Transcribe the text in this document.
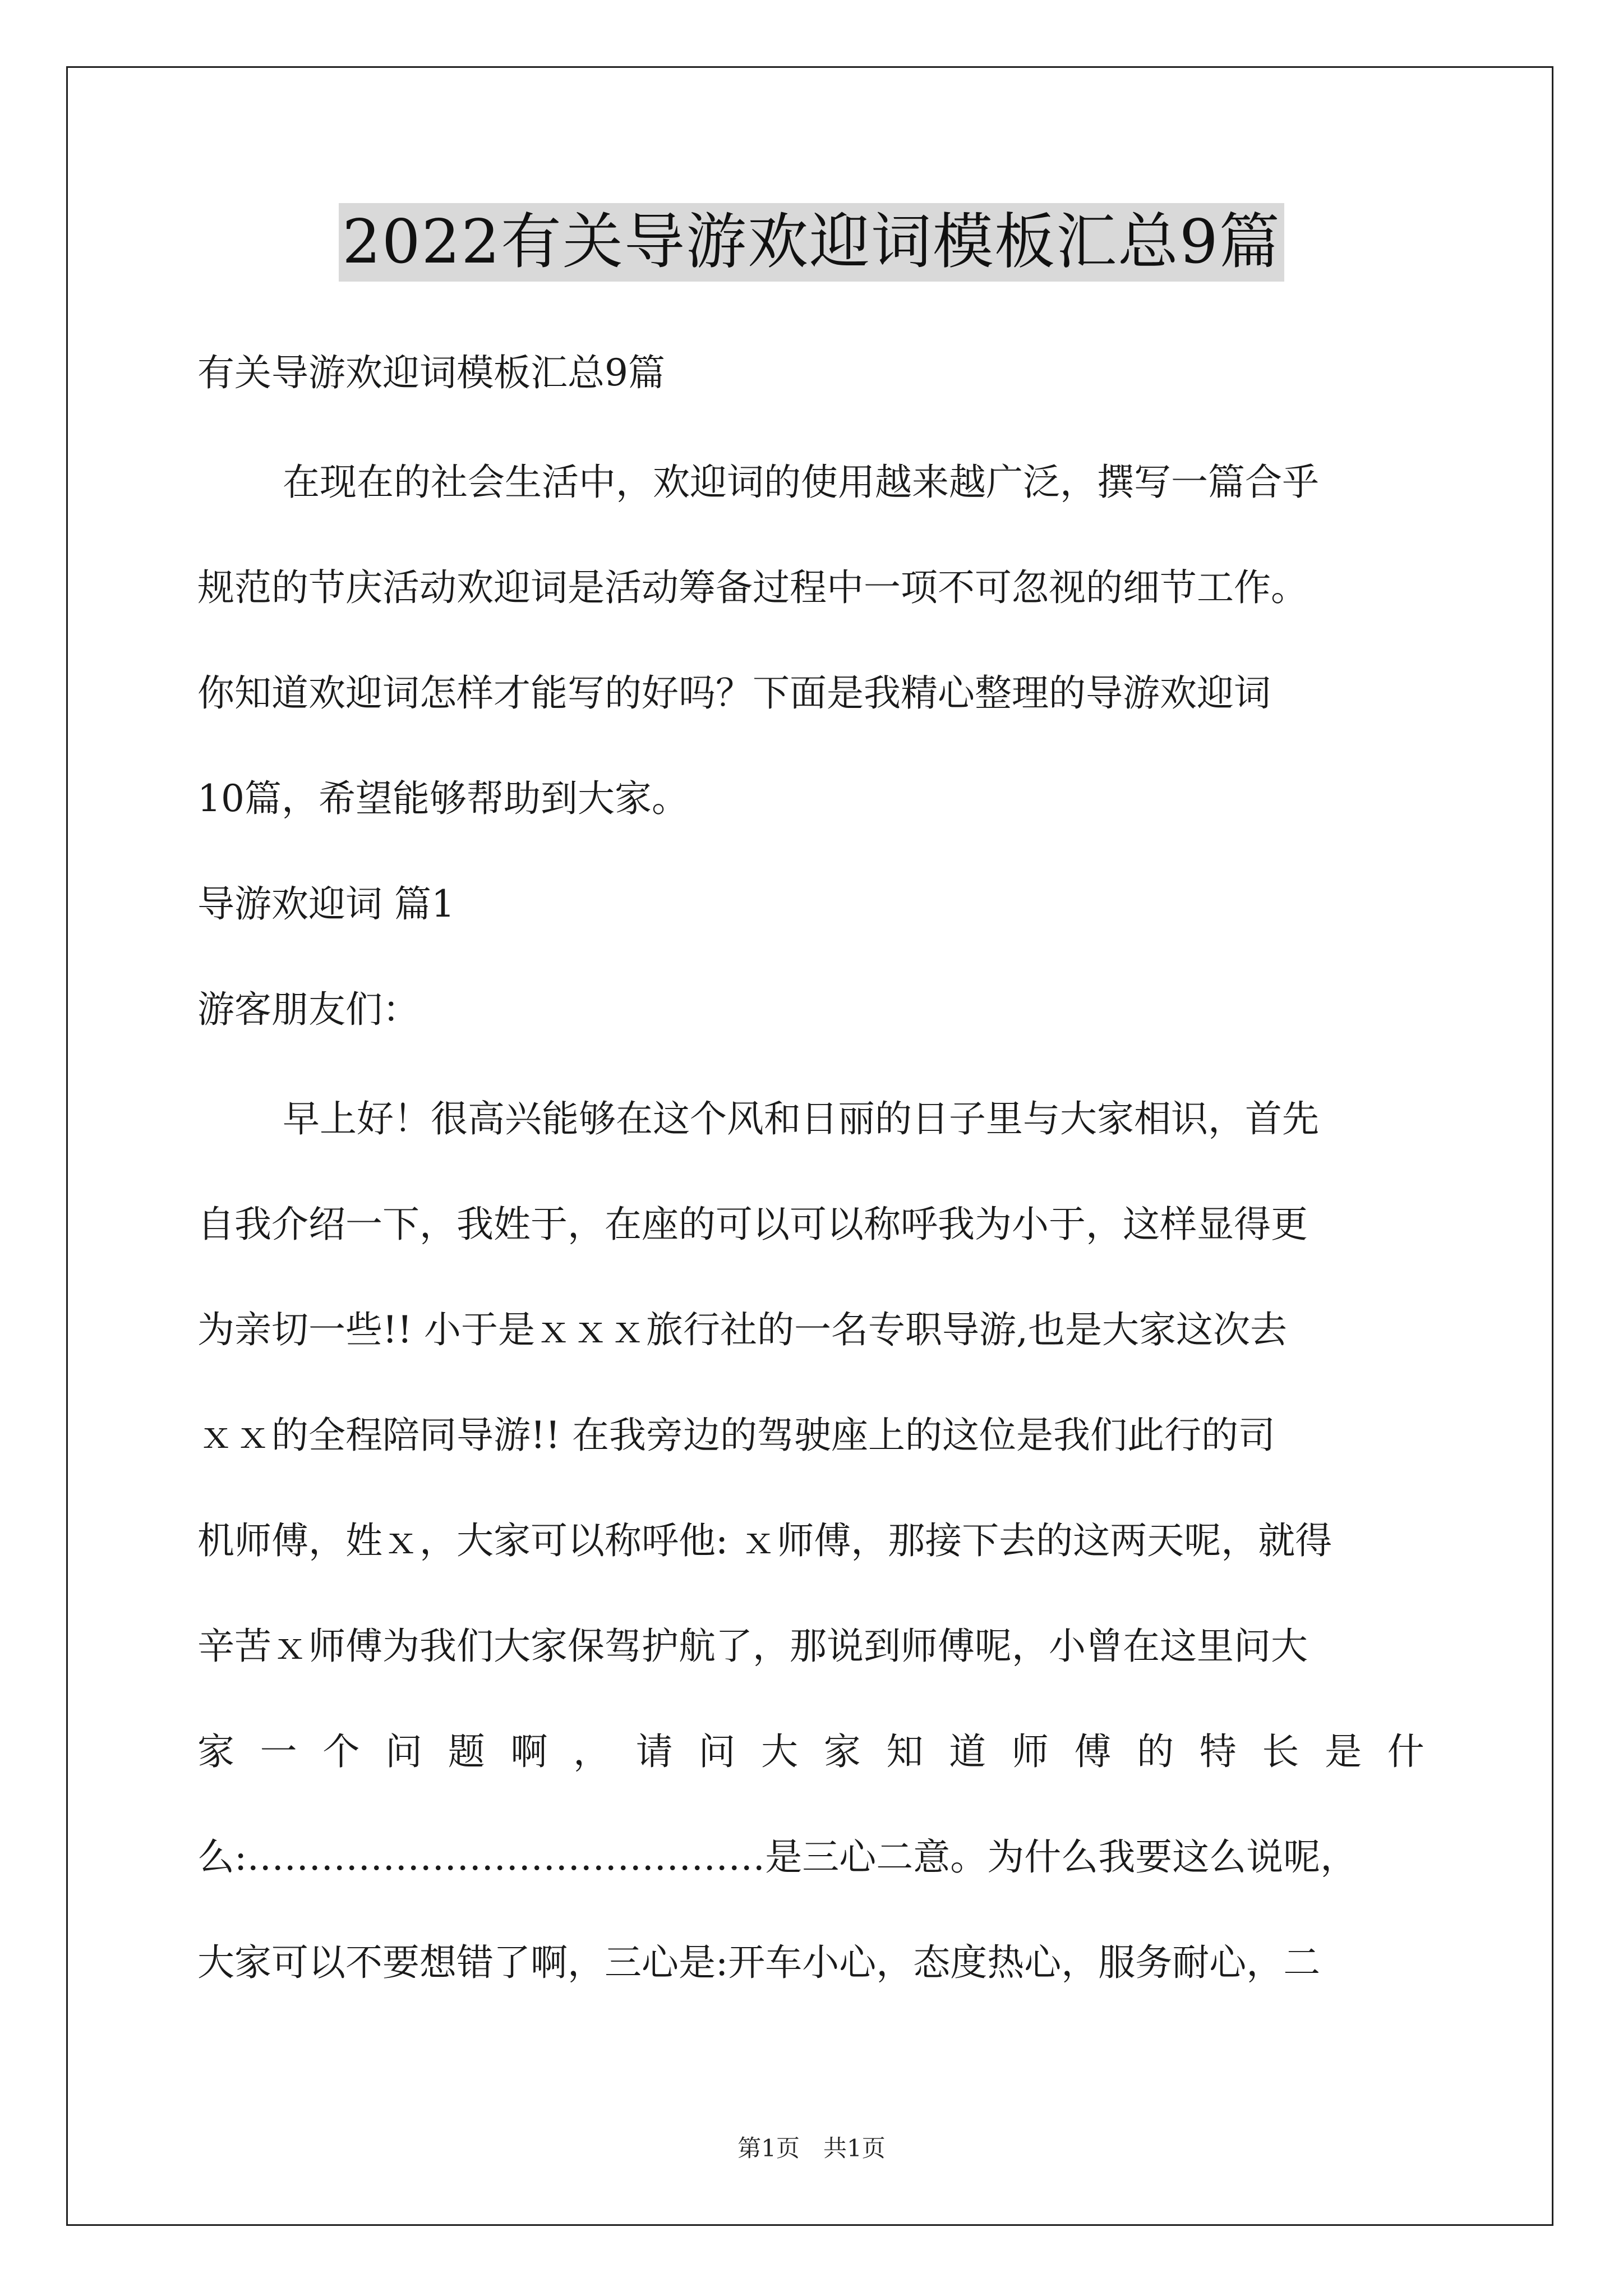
2022有关导游欢迎词模板汇总9篇
有关导游欢迎词模板汇总9篇
在现在的社会生活中，欢迎词的使用越来越广泛，撰写一篇合乎
规范的节庆活动欢迎词是活动筹备过程中一项不可忽视的细节工作。
你知道欢迎词怎样才能写的好吗？下面是我精心整理的导游欢迎词
10篇，希望能够帮助到大家。
导游欢迎词 篇1
游客朋友们：
早上好！很高兴能够在这个风和日丽的日子里与大家相识，首先
自我介绍一下，我姓于，在座的可以可以称呼我为小于，这样显得更
为亲切一些!! 小于是ｘｘｘ旅行社的一名专职导游,也是大家这次去
ｘｘ的全程陪同导游!! 在我旁边的驾驶座上的这位是我们此行的司
机师傅，姓ｘ，大家可以称呼他: ｘ师傅，那接下去的这两天呢，就得
辛苦ｘ师傅为我们大家保驾护航了，那说到师傅呢，小曾在这里问大
家 一 个 问 题 啊 ， 请 问 大 家 知 道 师 傅 的 特 长 是 什
么:……………………………………是三心二意。为什么我要这么说呢，
大家可以不要想错了啊，三心是:开车小心，态度热心，服务耐心，二
第1页　共1页
